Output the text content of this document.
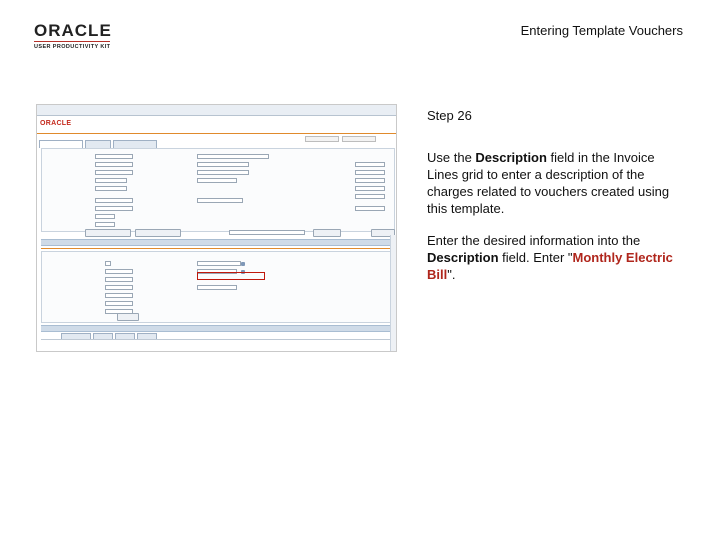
ORACLE
USER PRODUCTIVITY KIT
Entering Template Vouchers
ORACLE
Step 26
Use the Description field in the Invoice Lines grid to enter a description of the charges related to vouchers created using this template.
Enter the desired information into the Description field. Enter "Monthly Electric Bill".
